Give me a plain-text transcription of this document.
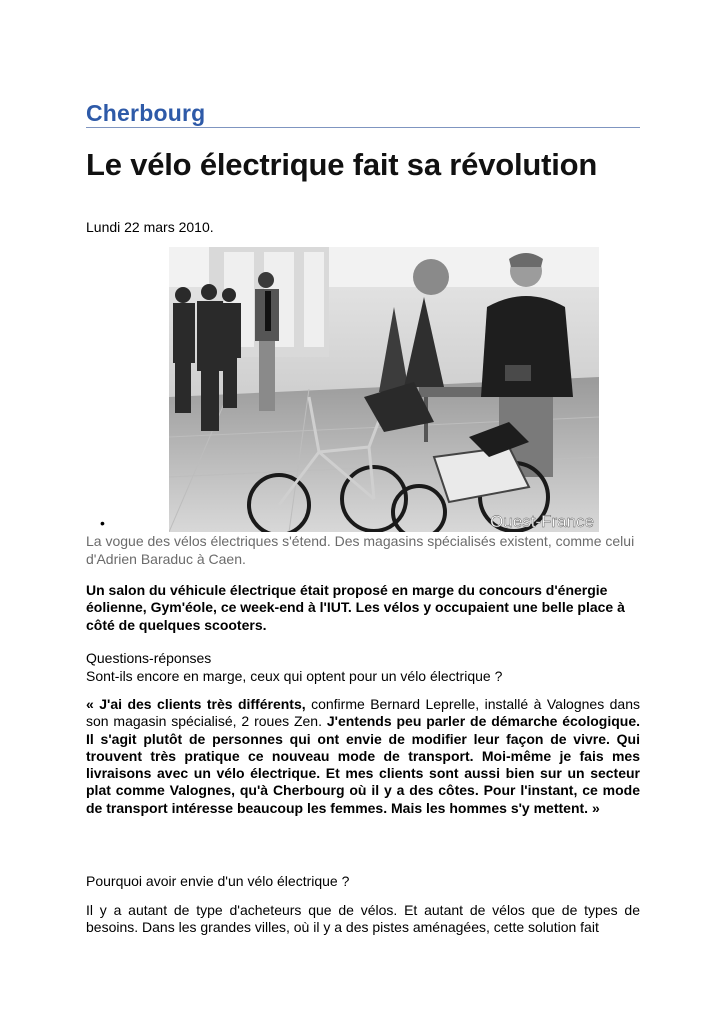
Cherbourg
Le vélo électrique fait sa révolution
Lundi 22 mars 2010.
Ouest-France
•
La vogue des vélos électriques s'étend. Des magasins spécialisés existent, comme celui d'Adrien Baraduc à Caen.
Un salon du véhicule électrique était proposé en marge du concours d'énergie éolienne, Gym'éole, ce week-end à l'IUT. Les vélos y occupaient une belle place à côté de quelques scooters.
Questions-réponses
Sont-ils encore en marge, ceux qui optent pour un vélo électrique ?
« J'ai des clients très différents, confirme Bernard Leprelle, installé à Valognes dans son magasin spécialisé, 2 roues Zen. J'entends peu parler de démarche écologique. Il s'agit plutôt de personnes qui ont envie de modifier leur façon de vivre. Qui trouvent très pratique ce nouveau mode de transport. Moi-même je fais mes livraisons avec un vélo électrique. Et mes clients sont aussi bien sur un secteur plat comme Valognes, qu'à Cherbourg où il y a des côtes. Pour l'instant, ce mode de transport intéresse beaucoup les femmes. Mais les hommes s'y mettent. »
Pourquoi avoir envie d'un vélo électrique ?
Il y a autant de type d'acheteurs que de vélos. Et autant de vélos que de types de besoins. Dans les grandes villes, où il y a des pistes aménagées, cette solution fait
